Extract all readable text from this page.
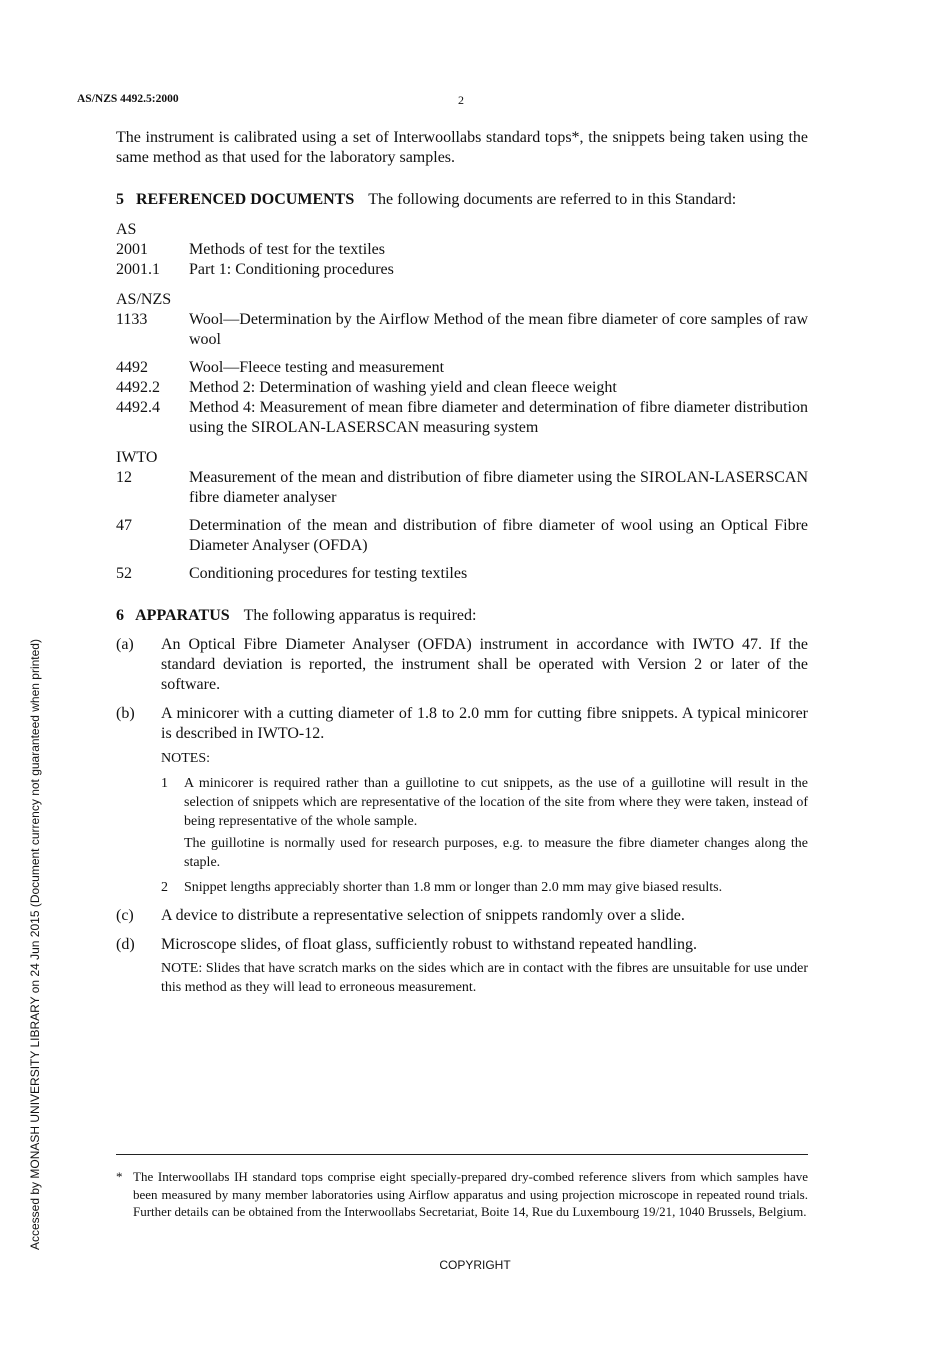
AS/NZS 4492.5:2000	2
Accessed by MONASH UNIVERSITY LIBRARY on 24 Jun 2015 (Document currency not guaranteed when printed)

The instrument is calibrated using a set of Interwoollabs standard tops*, the snippets being taken using the same method as that used for the laboratory samples.

5 REFERENCED DOCUMENTS The following documents are referred to in this Standard:
AS
2001	Methods of test for the textiles
2001.1	Part 1: Conditioning procedures
AS/NZS
1133	Wool—Determination by the Airflow Method of the mean fibre diameter of core samples of raw wool
4492	Wool—Fleece testing and measurement
4492.2	Method 2: Determination of washing yield and clean fleece weight
4492.4	Method 4: Measurement of mean fibre diameter and determination of fibre diameter distribution using the SIROLAN-LASERSCAN measuring system
IWTO
12	Measurement of the mean and distribution of fibre diameter using the SIROLAN-LASERSCAN fibre diameter analyser
47	Determination of the mean and distribution of fibre diameter of wool using an Optical Fibre Diameter Analyser (OFDA)
52	Conditioning procedures for testing textiles
6 APPARATUS The following apparatus is required:
(a)	An Optical Fibre Diameter Analyser (OFDA) instrument in accordance with IWTO 47. If the standard deviation is reported, the instrument shall be operated with Version 2 or later of the software.
(b)	A minicorer with a cutting diameter of 1.8 to 2.0 mm for cutting fibre snippets. A typical minicorer is described in IWTO-12.
NOTES:
1	A minicorer is required rather than a guillotine to cut snippets, as the use of a guillotine will result in the selection of snippets which are representative of the location of the site from where they were taken, instead of being representative of the whole sample.
The guillotine is normally used for research purposes, e.g. to measure the fibre diameter changes along the staple.
2	Snippet lengths appreciably shorter than 1.8 mm or longer than 2.0 mm may give biased results.
(c)	A device to distribute a representative selection of snippets randomly over a slide.
(d)	Microscope slides, of float glass, sufficiently robust to withstand repeated handling.
NOTE: Slides that have scratch marks on the sides which are in contact with the fibres are unsuitable for use under this method as they will lead to erroneous measurement.
* The Interwoollabs IH standard tops comprise eight specially-prepared dry-combed reference slivers from which samples have been measured by many member laboratories using Airflow apparatus and using projection microscope in repeated round trials. Further details can be obtained from the Interwoollabs Secretariat, Boite 14, Rue du Luxembourg 19/21, 1040 Brussels, Belgium.
COPYRIGHT
